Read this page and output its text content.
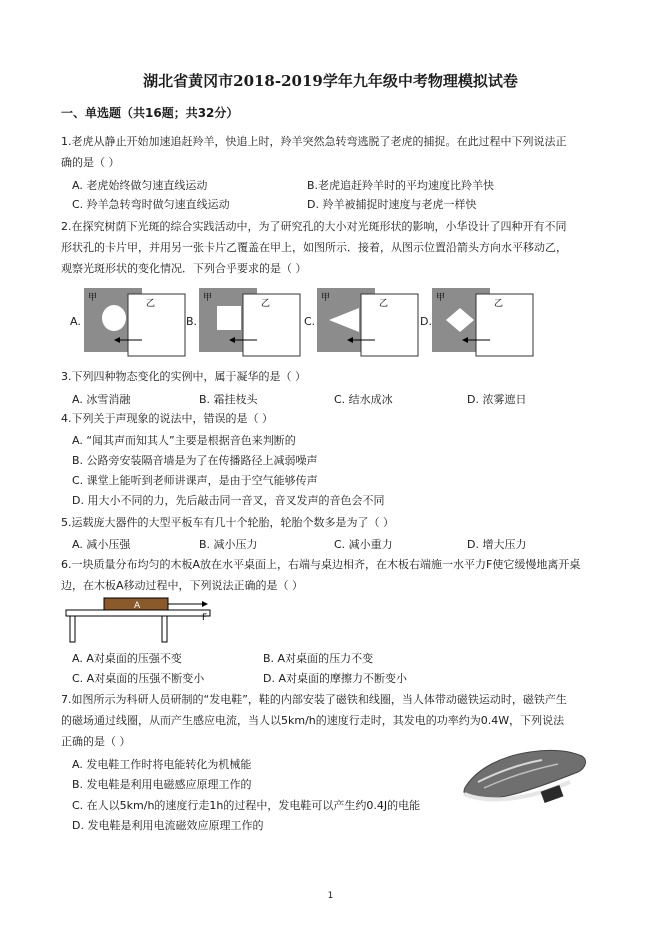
湖北省黄冈市2018-2019学年九年级中考物理模拟试卷
一、单选题（共16题；共32分）
1.老虎从静止开始加速追赶羚羊，快追上时，羚羊突然急转弯逃脱了老虎的捕捉。在此过程中下列说法正
确的是（ ）
A. 老虎始终做匀速直线运动	B.老虎追赶羚羊时的平均速度比羚羊快
C. 羚羊急转弯时做匀速直线运动	D. 羚羊被捕捉时速度与老虎一样快
2.在探究树荫下光斑的综合实践活动中，为了研究孔的大小对光斑形状的影响，小华设计了四种开有不同
形状孔的卡片甲，并用另一张卡片乙覆盖在甲上，如图所示．接着，从图示位置沿箭头方向水平移动乙，
观察光斑形状的变化情况．下列合乎要求的是（ ）
A.
甲
乙
B.
甲
乙
C.
甲
乙
D.
甲
乙
3.下列四种物态变化的实例中，属于凝华的是（ ）
A. 冰雪消融	B. 霜挂枝头	C. 结水成冰	D. 浓雾遮日
4.下列关于声现象的说法中，错误的是（ ）
A. “闻其声而知其人”主要是根据音色来判断的
B. 公路旁安装隔音墙是为了在传播路径上减弱噪声
C. 课堂上能听到老师讲课声，是由于空气能够传声
D. 用大小不同的力，先后敲击同一音叉，音叉发声的音色会不同
5.运载庞大器件的大型平板车有几十个轮胎，轮胎个数多是为了（ ）
A. 减小压强	B. 减小压力	C. 减小重力	D. 增大压力
6.一块质量分布均匀的木板A放在水平桌面上，右端与桌边相齐，在木板右端施一水平力F使它缓慢地离开桌
边，在木板A移动过程中，下列说法正确的是（ ）
A
F
A. A对桌面的压强不变	B. A对桌面的压力不变
C. A对桌面的压强不断变小	D. A对桌面的摩擦力不断变小
7.如图所示为科研人员研制的“发电鞋”，鞋的内部安装了磁铁和线圈，当人体带动磁铁运动时，磁铁产生
的磁场通过线圈，从而产生感应电流，当人以5km/h的速度行走时，其发电的功率约为0.4W，下列说法
正确的是（ ）
A. 发电鞋工作时将电能转化为机械能
B. 发电鞋是利用电磁感应原理工作的
C. 在人以5km/h的速度行走1h的过程中，发电鞋可以产生约0.4J的电能
D. 发电鞋是利用电流磁效应原理工作的
1
